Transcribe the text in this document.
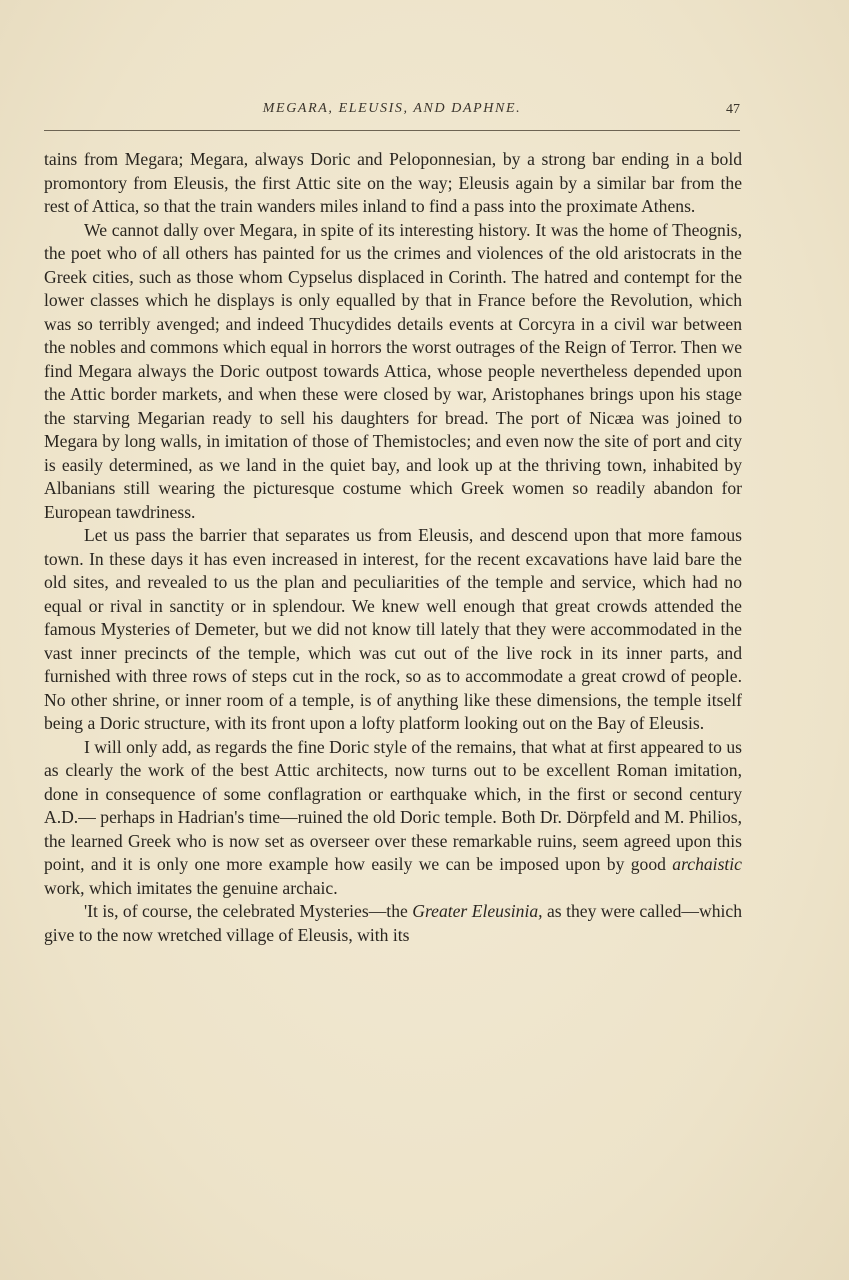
MEGARA, ELEUSIS, AND DAPHNE.	47

tains from Megara; Megara, always Doric and Peloponnesian, by a strong bar ending in a bold promontory from Eleusis, the first Attic site on the way; Eleusis again by a similar bar from the rest of Attica, so that the train wanders miles inland to find a pass into the proximate Athens.

We cannot dally over Megara, in spite of its interesting history. It was the home of Theognis, the poet who of all others has painted for us the crimes and violences of the old aristocrats in the Greek cities, such as those whom Cypselus displaced in Corinth. The hatred and contempt for the lower classes which he displays is only equalled by that in France before the Revolution, which was so terribly avenged; and indeed Thucydides details events at Corcyra in a civil war between the nobles and commons which equal in horrors the worst outrages of the Reign of Terror. Then we find Megara always the Doric outpost towards Attica, whose people nevertheless depended upon the Attic border markets, and when these were closed by war, Aristophanes brings upon his stage the starving Megarian ready to sell his daughters for bread. The port of Nicæa was joined to Megara by long walls, in imitation of those of Themistocles; and even now the site of port and city is easily determined, as we land in the quiet bay, and look up at the thriving town, inhabited by Albanians still wearing the picturesque costume which Greek women so readily abandon for European tawdriness.

Let us pass the barrier that separates us from Eleusis, and descend upon that more famous town. In these days it has even increased in interest, for the recent excavations have laid bare the old sites, and revealed to us the plan and peculiarities of the temple and service, which had no equal or rival in sanctity or in splendour. We knew well enough that great crowds attended the famous Mysteries of Demeter, but we did not know till lately that they were accommodated in the vast inner precincts of the temple, which was cut out of the live rock in its inner parts, and furnished with three rows of steps cut in the rock, so as to accommodate a great crowd of people. No other shrine, or inner room of a temple, is of anything like these dimensions, the temple itself being a Doric structure, with its front upon a lofty platform looking out on the Bay of Eleusis.

I will only add, as regards the fine Doric style of the remains, that what at first appeared to us as clearly the work of the best Attic architects, now turns out to be excellent Roman imitation, done in consequence of some conflagration or earthquake which, in the first or second century A.D.— perhaps in Hadrian's time—ruined the old Doric temple. Both Dr. Dörpfeld and M. Philios, the learned Greek who is now set as overseer over these remarkable ruins, seem agreed upon this point, and it is only one more example how easily we can be imposed upon by good archaistic work, which imitates the genuine archaic.

'It is, of course, the celebrated Mysteries—the Greater Eleusinia, as they were called—which give to the now wretched village of Eleusis, with its
